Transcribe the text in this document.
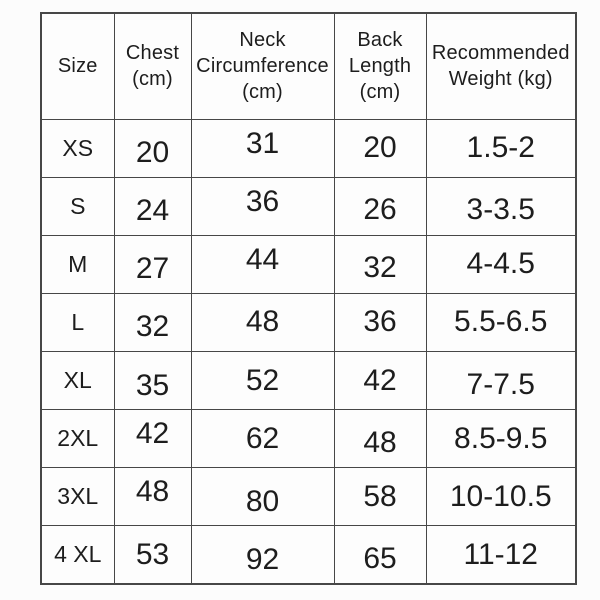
Size	Chest (cm)	Neck Circumference (cm)	Back Length (cm)	Recommended Weight (kg)
XS	20	31	20	1.5-2
S	24	36	26	3-3.5
M	27	44	32	4-4.5
L	32	48	36	5.5-6.5
XL	35	52	42	7-7.5
2XL	42	62	48	8.5-9.5
3XL	48	80	58	10-10.5
4 XL	53	92	65	11-12
